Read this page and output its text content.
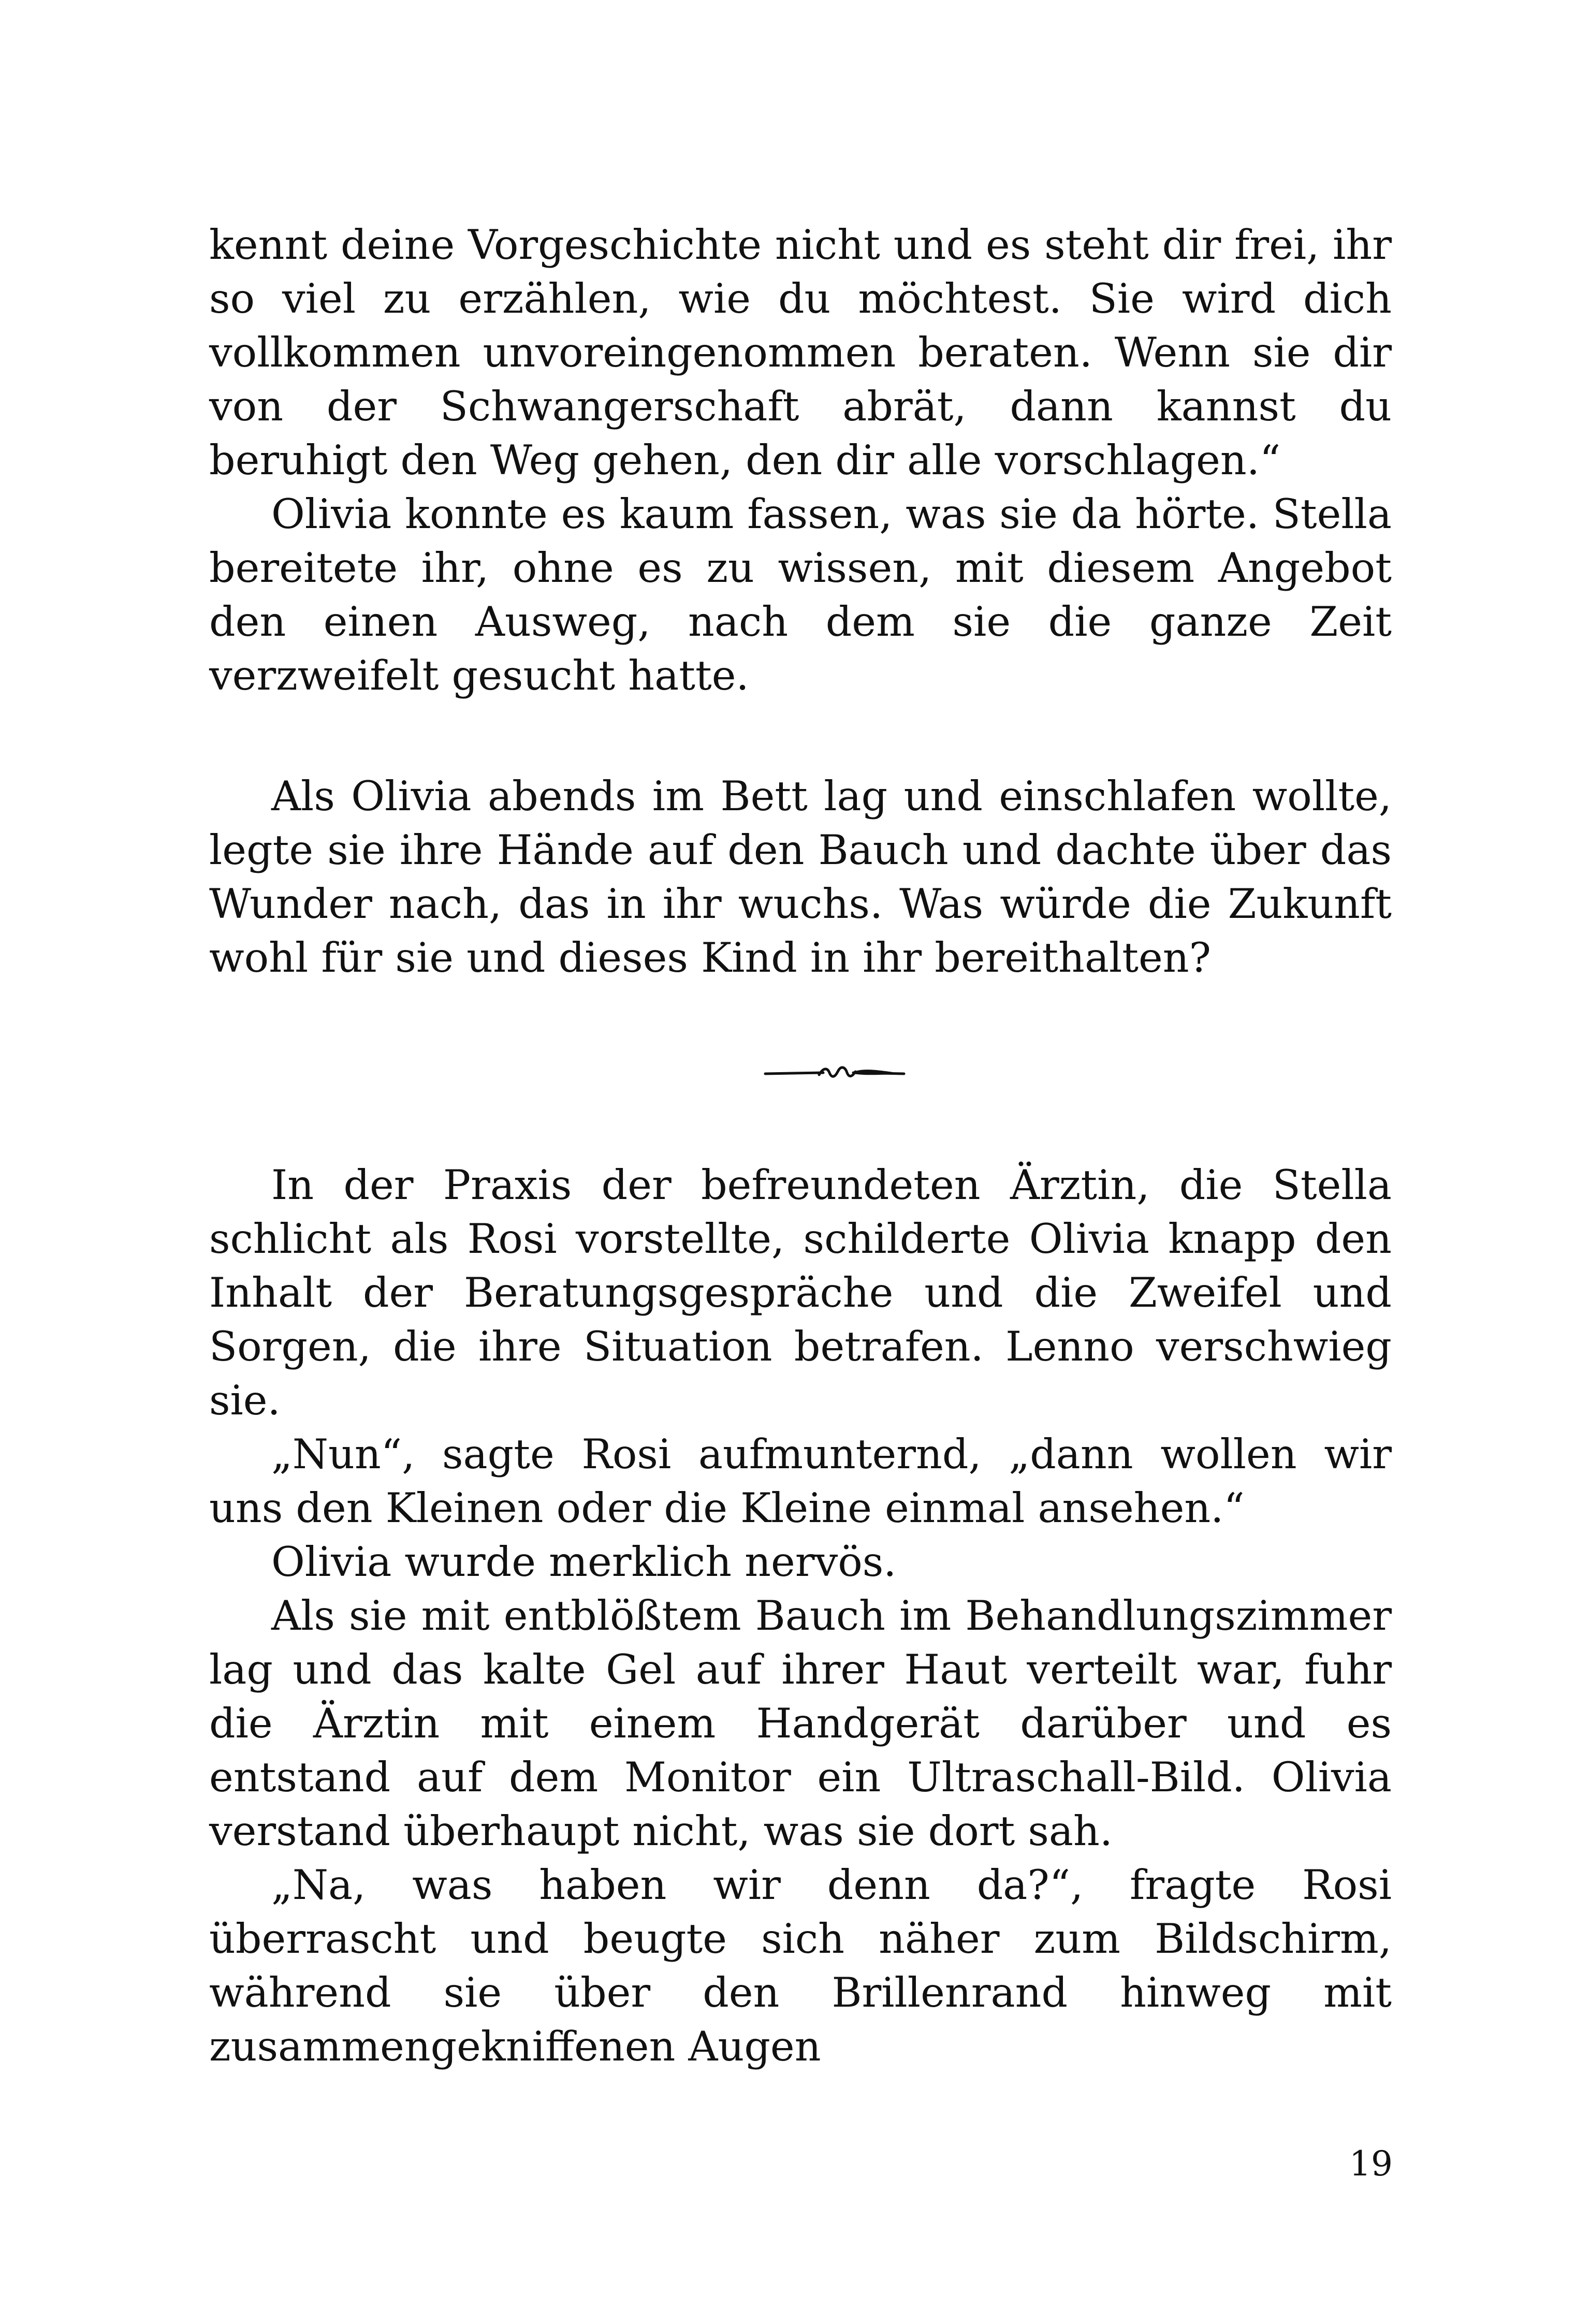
kennt deine Vorgeschichte nicht und es steht dir frei, ihr so viel zu erzählen, wie du möchtest. Sie wird dich vollkommen unvoreingenommen beraten. Wenn sie dir von der Schwangerschaft abrät, dann kannst du beruhigt den Weg gehen, den dir alle vorschlagen.“

Olivia konnte es kaum fassen, was sie da hörte. Stella bereitete ihr, ohne es zu wissen, mit diesem Angebot den einen Ausweg, nach dem sie die ganze Zeit verzweifelt gesucht hatte.

Als Olivia abends im Bett lag und einschlafen wollte, legte sie ihre Hände auf den Bauch und dachte über das Wunder nach, das in ihr wuchs. Was würde die Zukunft wohl für sie und dieses Kind in ihr bereithalten?

In der Praxis der befreundeten Ärztin, die Stella schlicht als Rosi vorstellte, schilderte Olivia knapp den Inhalt der Beratungsgespräche und die Zweifel und Sorgen, die ihre Situation betrafen. Lenno verschwieg sie.

„Nun“, sagte Rosi aufmunternd, „dann wollen wir uns den Kleinen oder die Kleine einmal ansehen.“

Olivia wurde merklich nervös.

Als sie mit entblößtem Bauch im Behandlungszimmer lag und das kalte Gel auf ihrer Haut verteilt war, fuhr die Ärztin mit einem Handgerät darüber und es entstand auf dem Monitor ein Ultraschall-Bild. Olivia verstand überhaupt nicht, was sie dort sah.

„Na, was haben wir denn da?“, fragte Rosi überrascht und beugte sich näher zum Bildschirm, während sie über den Brillenrand hinweg mit zusammengekniffenen Augen

19
